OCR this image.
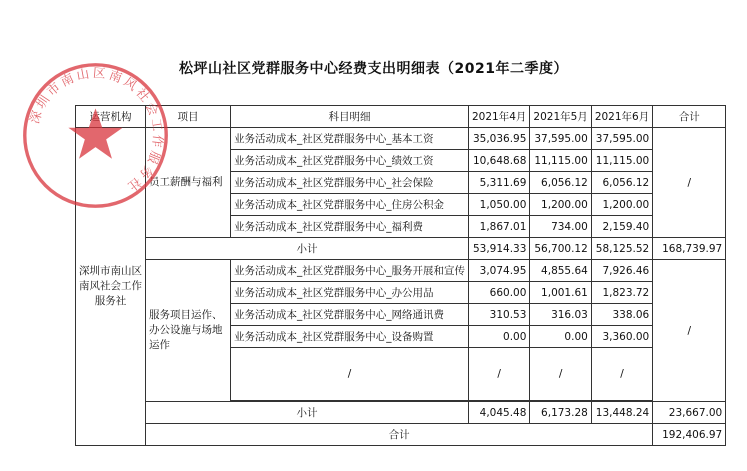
松坪山社区党群服务中心经费支出明细表（2021年二季度）
运营机构	项目	科目明细	2021年4月	2021年5月	2021年6月	合计
深圳市南山区南风社会工作服务社	员工薪酬与福利	业务活动成本_社区党群服务中心_基本工资	35,036.95	37,595.00	37,595.00	/
		业务活动成本_社区党群服务中心_绩效工资	10,648.68	11,115.00	11,115.00	
		业务活动成本_社区党群服务中心_社会保险	5,311.69	6,056.12	6,056.12	
		业务活动成本_社区党群服务中心_住房公积金	1,050.00	1,200.00	1,200.00	
		业务活动成本_社区党群服务中心_福利费	1,867.01	734.00	2,159.40	
	小计		53,914.33	56,700.12	58,125.52	168,739.97
	服务项目运作、办公设施与场地运作	业务活动成本_社区党群服务中心_服务开展和宣传	3,074.95	4,855.64	7,926.46	/
		业务活动成本_社区党群服务中心_办公用品	660.00	1,001.61	1,823.72	
		业务活动成本_社区党群服务中心_网络通讯费	310.53	316.03	338.06	
		业务活动成本_社区党群服务中心_设备购置	0.00	0.00	3,360.00	
		/	/	/	/	

	小计		4,045.48	6,173.28	13,448.24	23,667.00
	合计					192,406.97
深圳市南山区南风社会工作服务社
